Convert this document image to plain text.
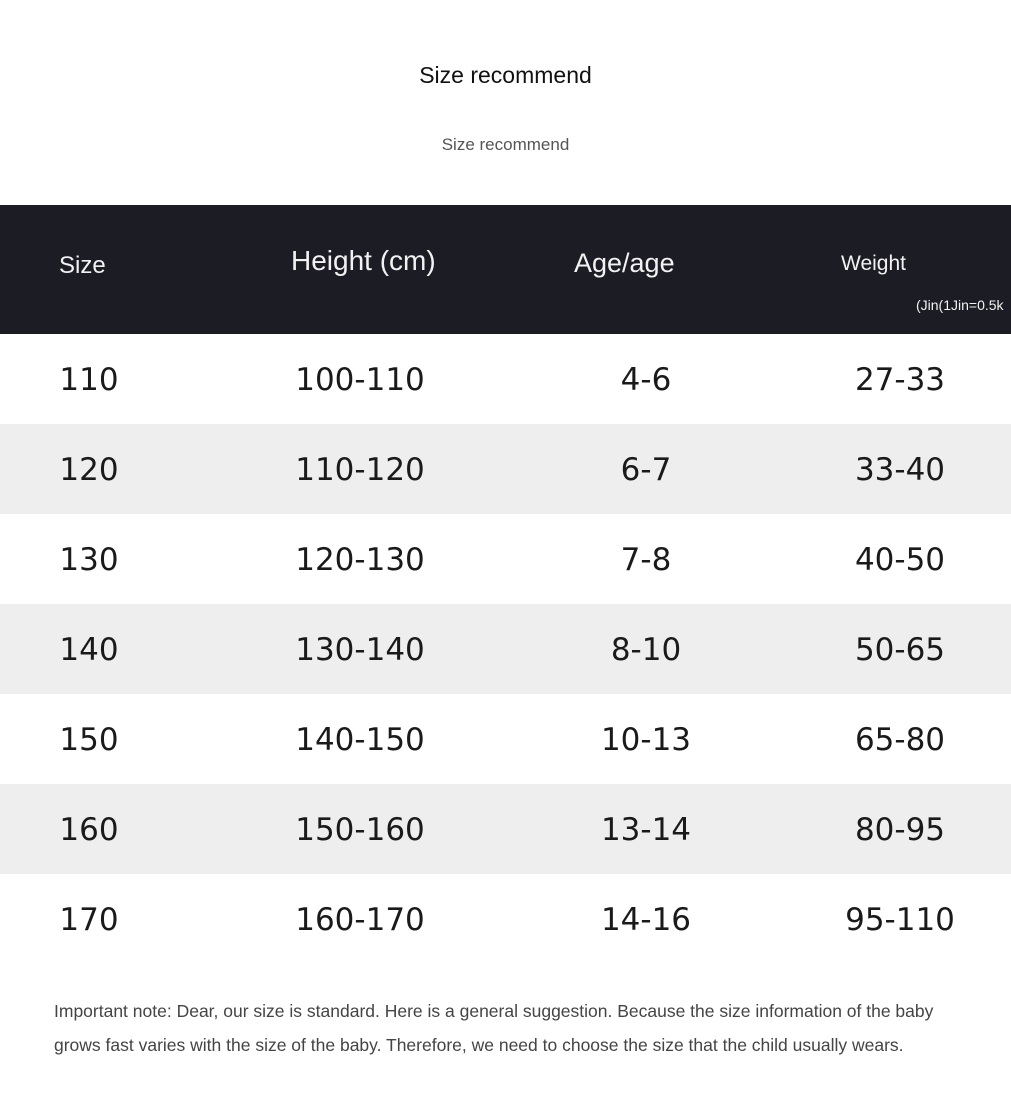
Size recommend
Size recommend
Size	Height (cm)	Age/age	Weight
(Jin(1Jin=0.5k
110	100-110	4-6	27-33
120	110-120	6-7	33-40
130	120-130	7-8	40-50
140	130-140	8-10	50-65
150	140-150	10-13	65-80
160	150-160	13-14	80-95
170	160-170	14-16	95-110
Important note: Dear, our size is standard. Here is a general suggestion. Because the size information of the baby grows fast varies with the size of the baby. Therefore, we need to choose the size that the child usually wears.
